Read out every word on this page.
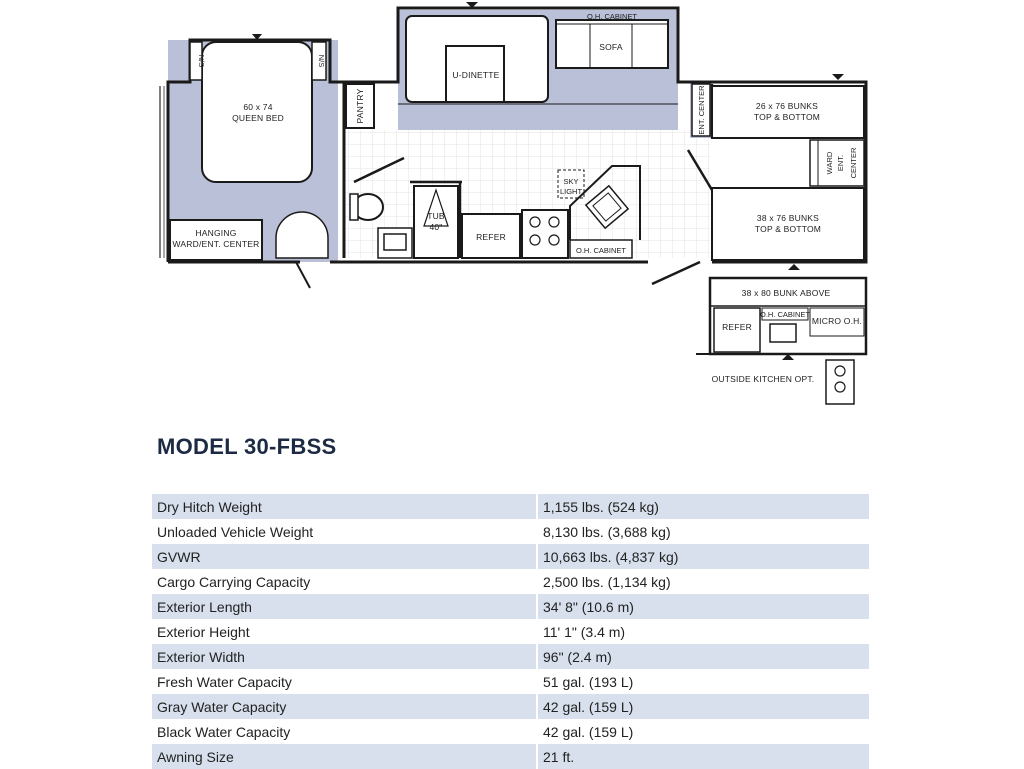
N/S	N/S
60 x 74
QUEEN BED	PANTRY
U-DINETTE
O.H. CABINET
SOFA
ENT. CENTER	26 x 76 BUNKS
TOP & BOTTOM
WARD ENT. CENTER
38 x 76 BUNKS
TOP & BOTTOM
HANGING
WARD/ENT. CENTER
TUB
40"
REFER
SKY
LIGHT
O.H. CABINET
38 x 80 BUNK ABOVE
REFER
O.H. CABINET
MICRO O.H.
OUTSIDE KITCHEN OPT.
MODEL 30-FBSS
Dry Hitch Weight	1,155 lbs. (524 kg)
Unloaded Vehicle Weight	8,130 lbs. (3,688 kg)
GVWR	10,663 lbs. (4,837 kg)
Cargo Carrying Capacity	2,500 lbs. (1,134 kg)
Exterior Length	34' 8" (10.6 m)
Exterior Height	11' 1" (3.4 m)
Exterior Width	96" (2.4 m)
Fresh Water Capacity	51 gal. (193 L)
Gray Water Capacity	42 gal. (159 L)
Black Water Capacity	42 gal. (159 L)
Awning Size	21 ft.
